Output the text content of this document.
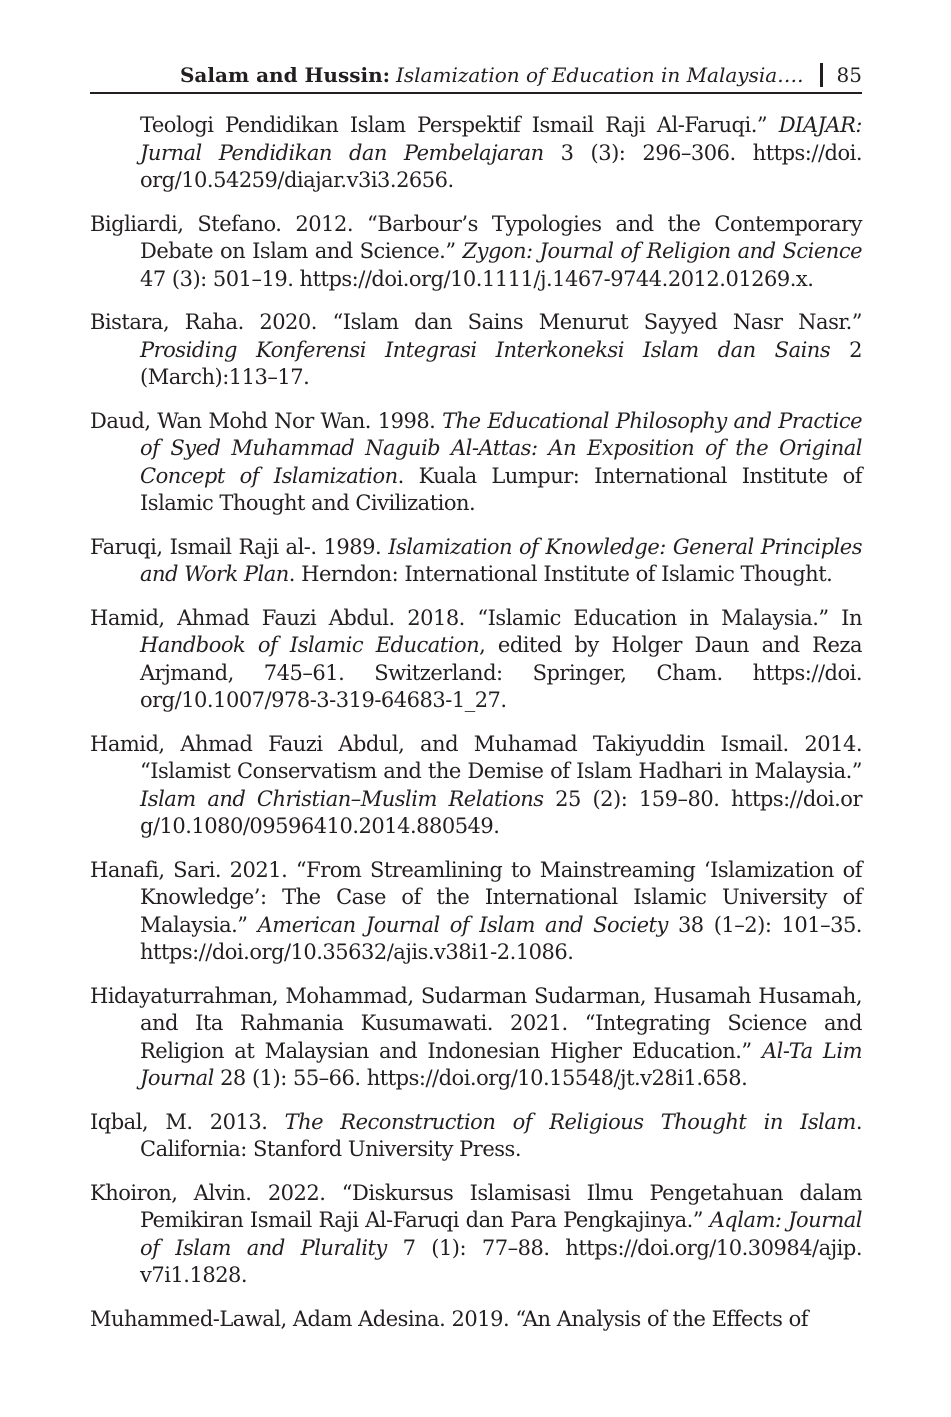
Salam and Hussin: Islamization of Education in Malaysia…. 85

Teologi Pendidikan Islam Perspektif Ismail Raji Al-Faruqi.” DIAJAR: Jurnal Pendidikan dan Pembelajaran 3 (3): 296–306. https://doi. org/10.54259/diajar.v3i3.2656.

Bigliardi, Stefano. 2012. “Barbour’s Typologies and the Contemporary Debate on Islam and Science.” Zygon: Journal of Religion and Science 47 (3): 501–19. https://doi.org/10.1111/j.1467-9744.2012.01269.x.

Bistara, Raha. 2020. “Islam dan Sains Menurut Sayyed Nasr Nasr.” Prosiding Konferensi Integrasi Interkoneksi Islam dan Sains 2 (March):113–17.

Daud, Wan Mohd Nor Wan. 1998. The Educational Philosophy and Practice of Syed Muhammad Naguib Al-Attas: An Exposition of the Original Concept of Islamization. Kuala Lumpur: International Institute of Islamic Thought and Civilization.

Faruqi, Ismail Raji al-. 1989. Islamization of Knowledge: General Principles and Work Plan. Herndon: International Institute of Islamic Thought.

Hamid, Ahmad Fauzi Abdul. 2018. “Islamic Education in Malaysia.” In Handbook of Islamic Education, edited by Holger Daun and Reza Arjmand, 745–61. Switzerland: Springer, Cham. https://doi. org/10.1007/978-3-319-64683-1_27.

Hamid, Ahmad Fauzi Abdul, and Muhamad Takiyuddin Ismail. 2014. “Islamist Conservatism and the Demise of Islam Hadhari in Malaysia.” Islam and Christian–Muslim Relations 25 (2): 159–80. https://doi.or g/10.1080/09596410.2014.880549.

Hanafi, Sari. 2021. “From Streamlining to Mainstreaming ‘Islamization of Knowledge’: The Case of the International Islamic University of Malaysia.” American Journal of Islam and Society 38 (1–2): 101–35. https://doi.org/10.35632/ajis.v38i1-2.1086.

Hidayaturrahman, Mohammad, Sudarman Sudarman, Husamah Husamah, and Ita Rahmania Kusumawati. 2021. “Integrating Science and Religion at Malaysian and Indonesian Higher Education.” Al-Ta Lim Journal 28 (1): 55–66. https://doi.org/10.15548/jt.v28i1.658.

Iqbal, M. 2013. The Reconstruction of Religious Thought in Islam. California: Stanford University Press.

Khoiron, Alvin. 2022. “Diskursus Islamisasi Ilmu Pengetahuan dalam Pemikiran Ismail Raji Al-Faruqi dan Para Pengkajinya.” Aqlam: Journal of Islam and Plurality 7 (1): 77–88. https://doi.org/10.30984/ajip. v7i1.1828.

Muhammed-Lawal, Adam Adesina. 2019. “An Analysis of the Effects of
